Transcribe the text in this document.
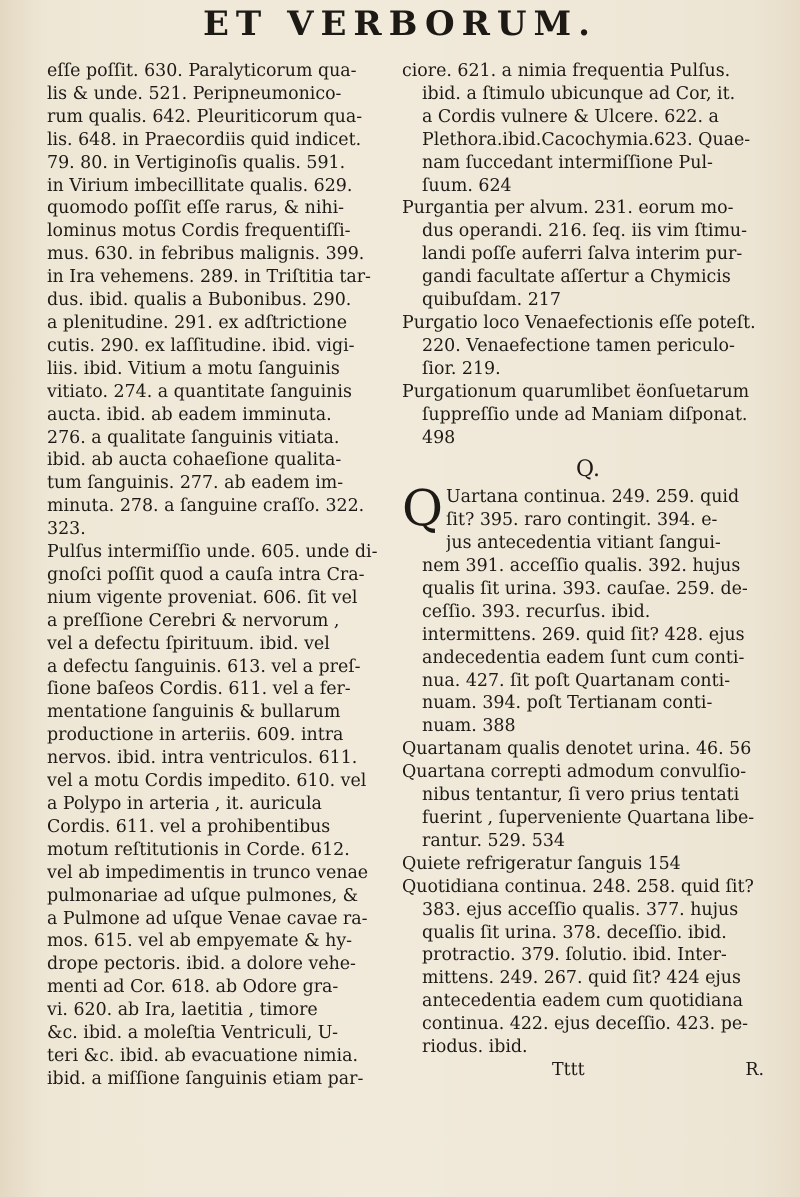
ET VERBORUM.
eſſe poſſit. 630. Paralyticorum qua-
lis & unde. 521. Peripneumonico-
rum qualis. 642. Pleuriticorum qua-
lis. 648. in Praecordiis quid indicet.
79. 80. in Vertiginoſis qualis. 591.
in Virium imbecillitate qualis. 629.
quomodo poſſit eſſe rarus, & nihi-
lominus motus Cordis frequentiſſi-
mus. 630. in febribus malignis. 399.
in Ira vehemens. 289. in Triſtitia tar-
dus. ibid. qualis a Bubonibus. 290.
a plenitudine. 291. ex adſtrictione
cutis. 290. ex laſſitudine. ibid. vigi-
liis. ibid. Vitium a motu ſanguinis
vitiato. 274. a quantitate ſanguinis
aucta. ibid. ab eadem imminuta.
276. a qualitate ſanguinis vitiata.
ibid. ab aucta cohaeſione qualita-
tum ſanguinis. 277. ab eadem im-
minuta. 278. a ſanguine craſſo. 322.
323.
Pulſus intermiſſio unde. 605. unde di-
gnoſci poſſit quod a cauſa intra Cra-
nium vigente proveniat. 606. ſit vel
a preſſione Cerebri & nervorum ,
vel a defectu ſpirituum. ibid. vel
a defectu ſanguinis. 613. vel a preſ-
ſione baſeos Cordis. 611. vel a fer-
mentatione ſanguinis & bullarum
productione in arteriis. 609. intra
nervos. ibid. intra ventriculos. 611.
vel a motu Cordis impedito. 610. vel
a Polypo in arteria , it. auricula
Cordis. 611. vel a prohibentibus
motum reſtitutionis in Corde. 612.
vel ab impedimentis in trunco venae
pulmonariae ad uſque pulmones, &
a Pulmone ad uſque Venae cavae ra-
mos. 615. vel ab empyemate & hy-
drope pectoris. ibid. a dolore vehe-
menti ad Cor. 618. ab Odore gra-
vi. 620. ab Ira, laetitia , timore
&c. ibid. a moleſtia Ventriculi, U-
teri &c. ibid. ab evacuatione nimia.
ibid. a miſſione ſanguinis etiam par-
ciore. 621. a nimia frequentia Pulſus.
ibid. a ſtimulo ubicunque ad Cor, it.
a Cordis vulnere & Ulcere. 622. a
Plethora.ibid.Cacochymia.623. Quae-
nam ſuccedant intermiſſione Pul-
ſuum. 624
Purgantia per alvum. 231. eorum mo-
dus operandi. 216. ſeq. iis vim ſtimu-
landi poſſe auferri ſalva interim pur-
gandi facultate aſſertur a Chymicis
quibuſdam. 217
Purgatio loco Venaefectionis eſſe poteſt.
220. Venaefectione tamen periculo-
ſior. 219.
Purgationum quarumlibet ëonſuetarum
ſuppreſſio unde ad Maniam diſponat.
498
Q.
Q Uartana continua. 249. 259. quid
ſit? 395. raro contingit. 394. e-
jus antecedentia vitiant ſangui-
nem 391. acceſſio qualis. 392. hujus
qualis ſit urina. 393. cauſae. 259. de-
ceſſio. 393. recurſus. ibid.
intermittens. 269. quid ſit? 428. ejus
andecedentia eadem ſunt cum conti-
nua. 427. ſit poſt Quartanam conti-
nuam. 394. poſt Tertianam conti-
nuam. 388
Quartanam qualis denotet urina. 46. 56
Quartana correpti admodum convulſio-
nibus tentantur, ſi vero prius tentati
fuerint , ſuperveniente Quartana libe-
rantur. 529. 534
Quiete refrigeratur ſanguis 154
Quotidiana continua. 248. 258. quid ſit?
383. ejus acceſſio qualis. 377. hujus
qualis ſit urina. 378. deceſſio. ibid.
protractio. 379. ſolutio. ibid. Inter-
mittens. 249. 267. quid ſit? 424 ejus
antecedentia eadem cum quotidiana
continua. 422. ejus deceſſio. 423. pe-
riodus. ibid.
Tttt	R.
